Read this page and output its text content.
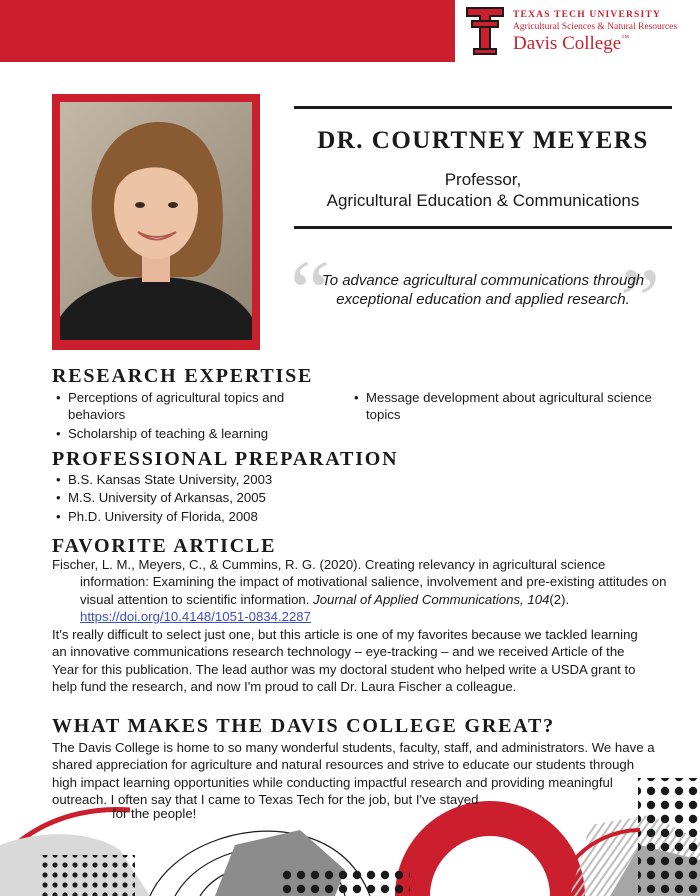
TEXAS TECH UNIVERSITY
Agricultural Sciences & Natural Resources
Davis College™
DR. COURTNEY MEYERS
Professor,
Agricultural Education & Communications
“	”
To advance agricultural communications through
exceptional education and applied research.
RESEARCH EXPERTISE
• Perceptions of agricultural topics and behaviors
• Scholarship of teaching & learning
• Message development about agricultural science topics
PROFESSIONAL PREPARATION
• B.S. Kansas State University, 2003
• M.S. University of Arkansas, 2005
• Ph.D. University of Florida, 2008
FAVORITE ARTICLE
Fischer, L. M., Meyers, C., & Cummins, R. G. (2020). Creating relevancy in agricultural science information: Examining the impact of motivational salience, involvement and pre-existing attitudes on visual attention to scientific information. Journal of Applied Communications, 104(2). https://doi.org/10.4148/1051-0834.2287
It's really difficult to select just one, but this article is one of my favorites because we tackled learning an innovative communications research technology – eye-tracking – and we received Article of the Year for this publication. The lead author was my doctoral student who helped write a USDA grant to help fund the research, and now I'm proud to call Dr. Laura Fischer a colleague.
WHAT MAKES THE DAVIS COLLEGE GREAT?
The Davis College is home to so many wonderful students, faculty, staff, and administrators. We have a shared appreciation for agriculture and natural resources and strive to educate our students through high impact learning opportunities while conducting impactful research and providing meaningful outreach. I often say that I came to Texas Tech for the job, but I've stayed
for the people!
